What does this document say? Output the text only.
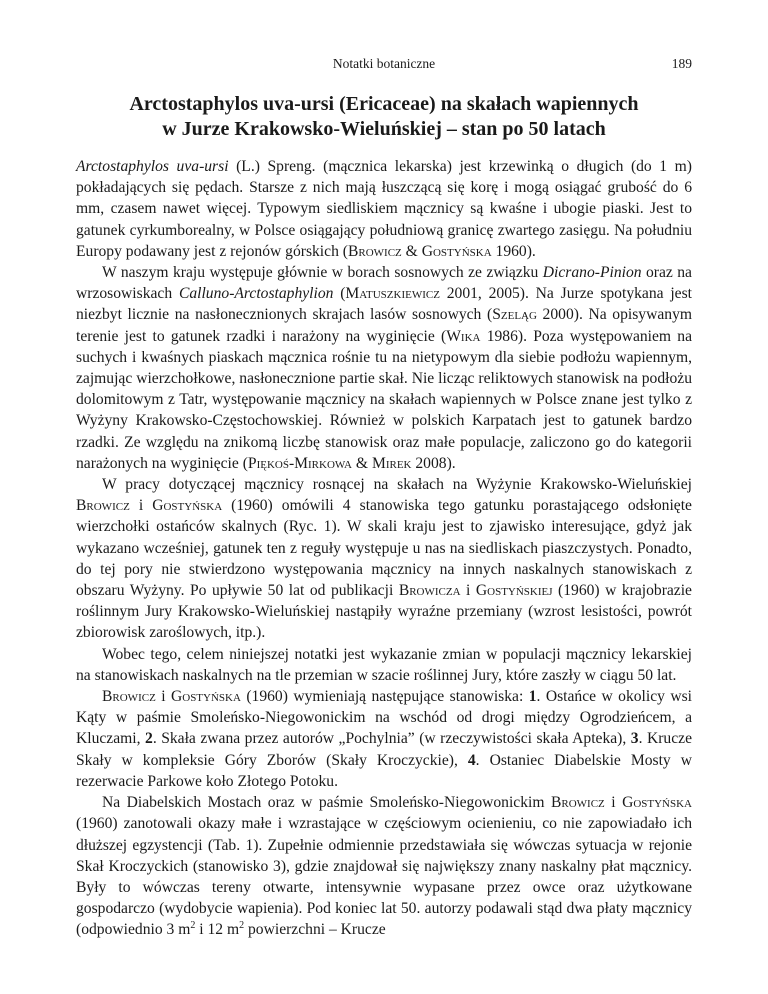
Notatki botaniczne	189
Arctostaphylos uva-ursi (Ericaceae) na skałach wapiennych
w Jurze Krakowsko-Wieluńskiej – stan po 50 latach

Arctostaphylos uva-ursi (L.) Spreng. (mącznica lekarska) jest krzewinką o długich (do 1 m) pokładających się pędach. Starsze z nich mają łuszczącą się korę i mogą osiągać grubość do 6 mm, czasem nawet więcej. Typowym siedliskiem mącznicy są kwaśne i ubogie piaski. Jest to gatunek cyrkumborealny, w Polsce osiągający południową granicę zwartego zasięgu. Na południu Europy podawany jest z rejonów górskich (Browicz & Gostyńska 1960).

W naszym kraju występuje głównie w borach sosnowych ze związku Dicrano-Pinion oraz na wrzosowiskach Calluno-Arctostaphylion (Matuszkiewicz 2001, 2005). Na Jurze spotykana jest niezbyt licznie na nasłonecznionych skrajach lasów sosnowych (Szeląg 2000). Na opisywanym terenie jest to gatunek rzadki i narażony na wyginięcie (Wika 1986). Poza występowaniem na suchych i kwaśnych piaskach mącznica rośnie tu na nietypowym dla siebie podłożu wapiennym, zajmując wierzchołkowe, nasłonecznione partie skał. Nie licząc reliktowych stanowisk na podłożu dolomitowym z Tatr, występowanie mącznicy na skałach wapiennych w Polsce znane jest tylko z Wyżyny Krakowsko-Częstochowskiej. Również w polskich Karpatach jest to gatunek bardzo rzadki. Ze względu na znikomą liczbę stanowisk oraz małe populacje, zaliczono go do kategorii narażonych na wyginięcie (Piękoś-Mirkowa & Mirek 2008).

W pracy dotyczącej mącznicy rosnącej na skałach na Wyżynie Krakowsko-Wieluńskiej Browicz i Gostyńska (1960) omówili 4 stanowiska tego gatunku porastającego odsłonięte wierzchołki ostańców skalnych (Ryc. 1). W skali kraju jest to zjawisko interesujące, gdyż jak wykazano wcześniej, gatunek ten z reguły występuje u nas na siedliskach piaszczystych. Ponadto, do tej pory nie stwierdzono występowania mącznicy na innych naskalnych stanowiskach z obszaru Wyżyny. Po upływie 50 lat od publikacji Browicza i Gostyńskiej (1960) w krajobrazie roślinnym Jury Krakowsko-Wieluńskiej nastąpiły wyraźne przemiany (wzrost lesistości, powrót zbiorowisk zaroślowych, itp.).

Wobec tego, celem niniejszej notatki jest wykazanie zmian w populacji mącznicy lekarskiej na stanowiskach naskalnych na tle przemian w szacie roślinnej Jury, które zaszły w ciągu 50 lat.

Browicz i Gostyńska (1960) wymieniają następujące stanowiska: 1. Ostańce w okolicy wsi Kąty w paśmie Smoleńsko-Niegowonickim na wschód od drogi między Ogrodzieńcem, a Kluczami, 2. Skała zwana przez autorów „Pochylnia” (w rzeczywistości skała Apteka), 3. Krucze Skały w kompleksie Góry Zborów (Skały Kroczyckie), 4. Ostaniec Diabelskie Mosty w rezerwacie Parkowe koło Złotego Potoku.

Na Diabelskich Mostach oraz w paśmie Smoleńsko-Niegowonickim Browicz i Gostyńska (1960) zanotowali okazy małe i wzrastające w częściowym ocienieniu, co nie zapowiadało ich dłuższej egzystencji (Tab. 1). Zupełnie odmiennie przedstawiała się wówczas sytuacja w rejonie Skał Kroczyckich (stanowisko 3), gdzie znajdował się największy znany naskalny płat mącznicy. Były to wówczas tereny otwarte, intensywnie wypasane przez owce oraz użytkowane gospodarczo (wydobycie wapienia). Pod koniec lat 50. autorzy podawali stąd dwa płaty mącznicy (odpowiednio 3 $m^2$ i 12 $m^2$ powierzchni – Krucze
